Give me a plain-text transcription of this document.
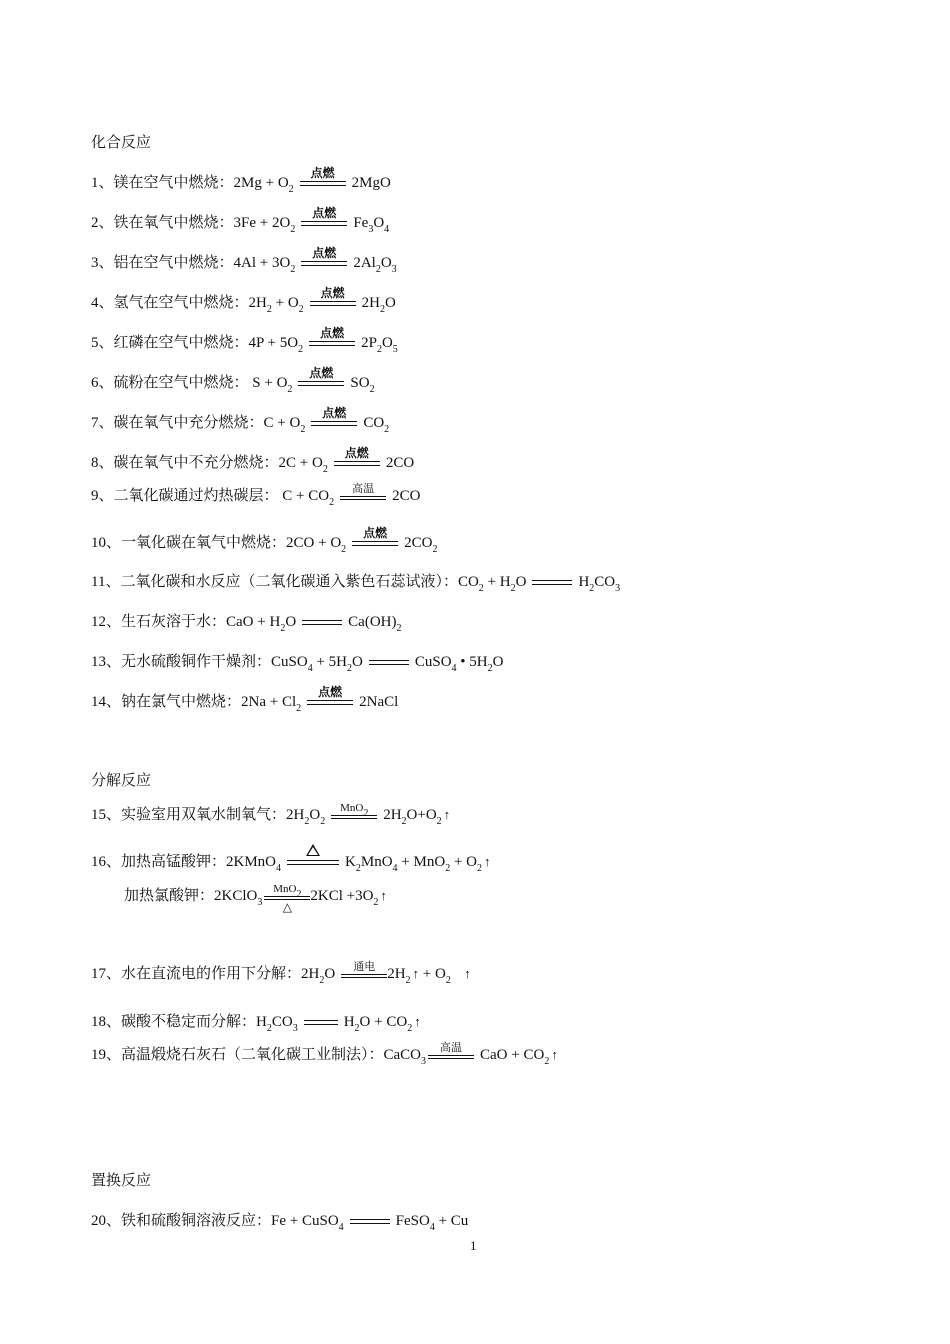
化合反应
1、镁在空气中燃烧：$2Mg + O_2$
点燃
2MgO
2、铁在氧气中燃烧：$3Fe + 2O_2$
点燃
$Fe_3O_4$
3、铝在空气中燃烧：$4Al + 3O_2$
点燃
$2Al_2O_3$
4、氢气在空气中燃烧：$2H_2 + O_2$
点燃
$2H_2O$
5、红磷在空气中燃烧：$4P + 5O_2$
点燃
$2P_2O_5$
6、硫粉在空气中燃烧： $S + O_2$
点燃
$SO_2$
7、碳在氧气中充分燃烧：$C + O_2$
点燃
$CO_2$
8、碳在氧气中不充分燃烧：$2C + O_2$
点燃
2CO
9、二氧化碳通过灼热碳层： $C + CO_2$
高温	2CO
10、一氧化碳在氧气中燃烧：$2CO + O_2$
点燃
$2CO_2$
11、二氧化碳和水反应（二氧化碳通入紫色石蕊试液）：$CO_2 + H_2O$	$H_2CO_3$
12、生石灰溶于水：CaO + $H_2O$	$Ca(OH)_2$
13、无水硫酸铜作干燥剂：CuSO$_4$ + $5H_2O$	CuSO$_4$ • $5H_2O$
14、钠在氯气中燃烧：$2Na + Cl_2$
点燃
2NaCl
分解反应
15、实验室用双氧水制氧气：$2H_2O_2$
MnO$_2$ $2H_2O+O_2$ ↑
16、加热高锰酸钾：2KMnO$_4$	$K_2MnO_4 + MnO_2 + O_2$ ↑
加热氯酸钾：2KClO$_3$
MnO$_2$
△
$2KCl +3O_2$ ↑
17、水在直流电的作用下分解：$2H_2O$	通电 $2H_2$ ↑ + $O_2$ ↑
18、碳酸不稳定而分解：$H_2CO_3$	$H_2O + CO_2$ ↑
19、高温煅烧石灰石（二氧化碳工业制法）：CaCO$_3$
高温	CaO + $CO_2$ ↑
置换反应
20、铁和硫酸铜溶液反应：Fe + CuSO$_4$	FeSO$_4$ + Cu
1
